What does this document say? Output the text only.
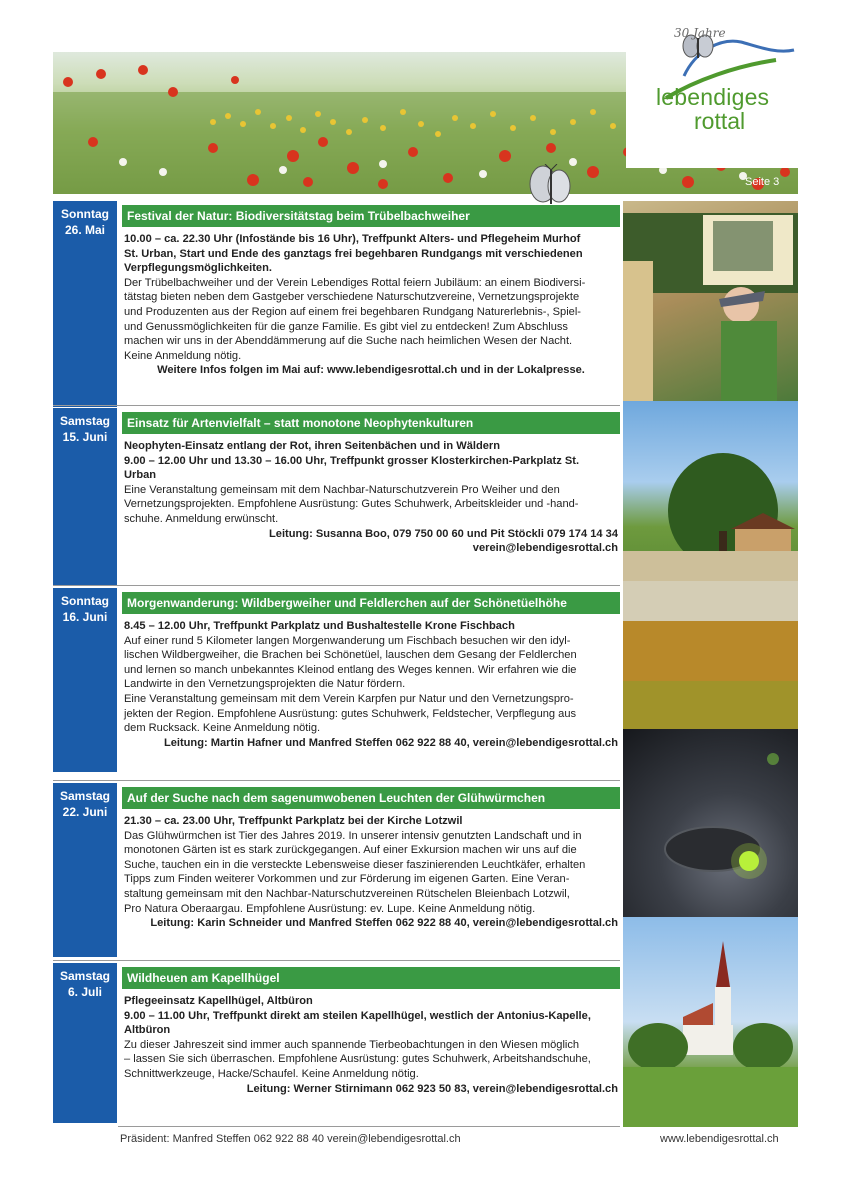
30 Jahre
lebendiges
rottal
Seite 3
Sonntag
26. Mai
Festival der Natur: Biodiversitätstag beim Trübelbachweiher

10.00 – ca. 22.30 Uhr (Infostände bis 16 Uhr), Treffpunkt Alters- und Pflegeheim Murhof

St. Urban, Start und Ende des ganztags frei begehbaren Rundgangs mit verschiedenen

Verpflegungsmöglichkeiten.

Der Trübelbachweiher und der Verein Lebendiges Rottal feiern Jubiläum: an einem Biodiversi-

tätstag bieten neben dem Gastgeber verschiedene Naturschutzvereine, Vernetzungsprojekte

und Produzenten aus der Region auf einem frei begehbaren Rundgang Naturerlebnis-, Spiel-

und Genussmöglichkeiten für die ganze Familie. Es gibt viel zu entdecken! Zum Abschluss

machen wir uns in der Abenddämmerung auf die Suche nach heimlichen Wesen der Nacht.

Keine Anmeldung nötig.

Weitere Infos folgen im Mai auf: www.lebendigesrottal.ch und in der Lokalpresse.

Samstag
15. Juni
Einsatz für Artenvielfalt – statt monotone Neophytenkulturen

Neophyten-Einsatz entlang der Rot, ihren Seitenbächen und in Wäldern

9.00 – 12.00 Uhr und 13.30 – 16.00 Uhr, Treffpunkt grosser Klosterkirchen-Parkplatz St.

Urban

Eine Veranstaltung gemeinsam mit dem Nachbar-Naturschutzverein Pro Weiher und den

Vernetzungsprojekten. Empfohlene Ausrüstung: Gutes Schuhwerk, Arbeitskleider und -hand-

schuhe. Anmeldung erwünscht.

Leitung: Susanna Boo, 079 750 00 60 und Pit Stöckli 079 174 14 34

verein@lebendigesrottal.ch

Sonntag
16. Juni
Morgenwanderung: Wildbergweiher und Feldlerchen auf der Schönetüelhöhe

8.45 – 12.00 Uhr, Treffpunkt Parkplatz und Bushaltestelle Krone Fischbach

Auf einer rund 5 Kilometer langen Morgenwanderung um Fischbach besuchen wir den idyl-

lischen Wildbergweiher, die Brachen bei Schönetüel, lauschen dem Gesang der Feldlerchen

und lernen so manch unbekanntes Kleinod entlang des Weges kennen. Wir erfahren wie die

Landwirte in den Vernetzungsprojekten die Natur fördern.

Eine Veranstaltung gemeinsam mit dem Verein Karpfen pur Natur und den Vernetzungspro-

jekten der Region. Empfohlene Ausrüstung: gutes Schuhwerk, Feldstecher, Verpflegung aus

dem Rucksack. Keine Anmeldung nötig.

Leitung: Martin Hafner und Manfred Steffen 062 922 88 40, verein@lebendigesrottal.ch

Samstag
22. Juni
Auf der Suche nach dem sagenumwobenen Leuchten der Glühwürmchen

21.30 – ca. 23.00 Uhr, Treffpunkt Parkplatz bei der Kirche Lotzwil

Das Glühwürmchen ist Tier des Jahres 2019. In unserer intensiv genutzten Landschaft und in

monotonen Gärten ist es stark zurückgegangen. Auf einer Exkursion machen wir uns auf die

Suche, tauchen ein in die versteckte Lebensweise dieser faszinierenden Leuchtkäfer, erhalten

Tipps zum Finden weiterer Vorkommen und zur Förderung im eigenen Garten. Eine Veran-

staltung gemeinsam mit den Nachbar-Naturschutzvereinen Rütschelen Bleienbach Lotzwil,

Pro Natura Oberaargau. Empfohlene Ausrüstung: ev. Lupe. Keine Anmeldung nötig.

Leitung: Karin Schneider und Manfred Steffen 062 922 88 40, verein@lebendigesrottal.ch

Samstag
6. Juli
Wildheuen am Kapellhügel

Pflegeeinsatz Kapellhügel, Altbüron

9.00 – 11.00 Uhr, Treffpunkt direkt am steilen Kapellhügel, westlich der Antonius-Kapelle,

Altbüron

Zu dieser Jahreszeit sind immer auch spannende Tierbeobachtungen in den Wiesen möglich

– lassen Sie sich überraschen. Empfohlene Ausrüstung: gutes Schuhwerk, Arbeitshandschuhe,

Schnittwerkzeuge, Hacke/Schaufel. Keine Anmeldung nötig.

Leitung: Werner Stirnimann 062 923 50 83, verein@lebendigesrottal.ch

Präsident: Manfred Steffen 062 922 88 40 verein@lebendigesrottal.ch	www.lebendigesrottal.ch
